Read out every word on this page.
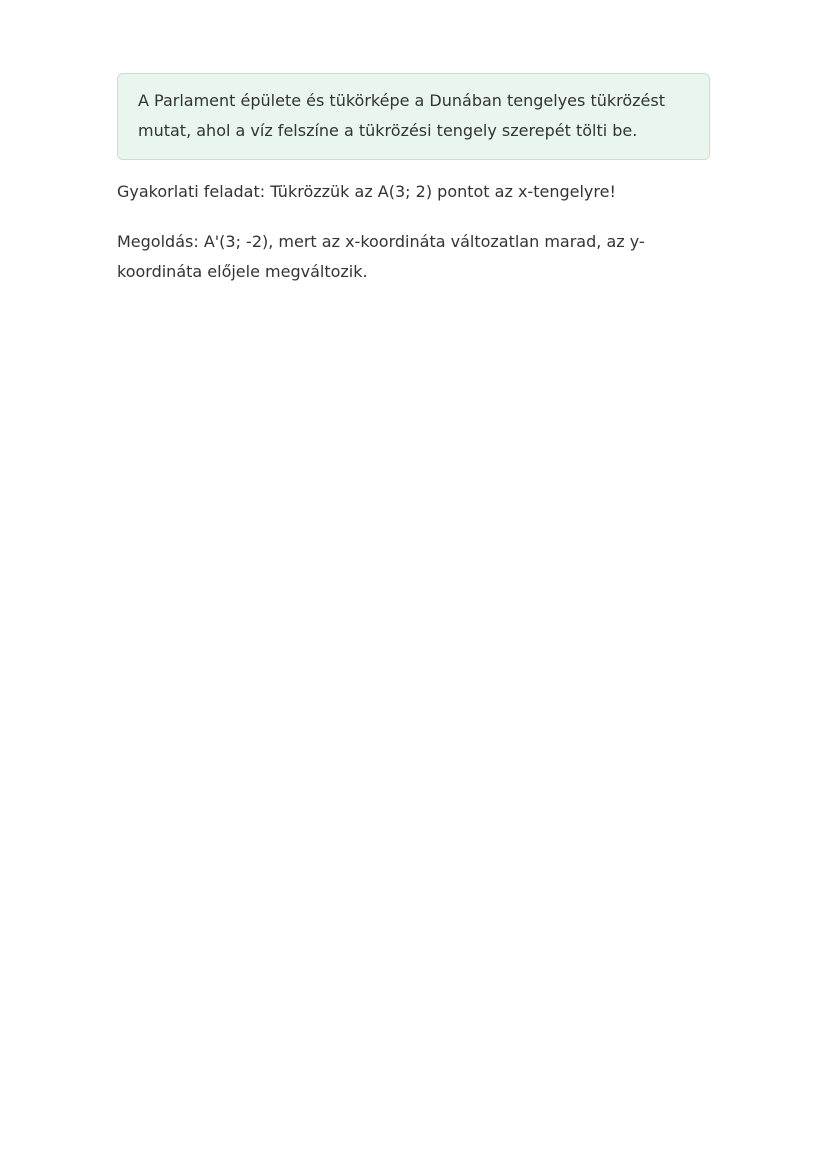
A Parlament épülete és tükörképe a Dunában tengelyes tükrözést mutat, ahol a víz felszíne a tükrözési tengely szerepét tölti be.

Gyakorlati feladat: Tükrözzük az A(3; 2) pontot az x-tengelyre!

Megoldás: A'(3; -2), mert az x-koordináta változatlan marad, az y-koordináta előjele megváltozik.
